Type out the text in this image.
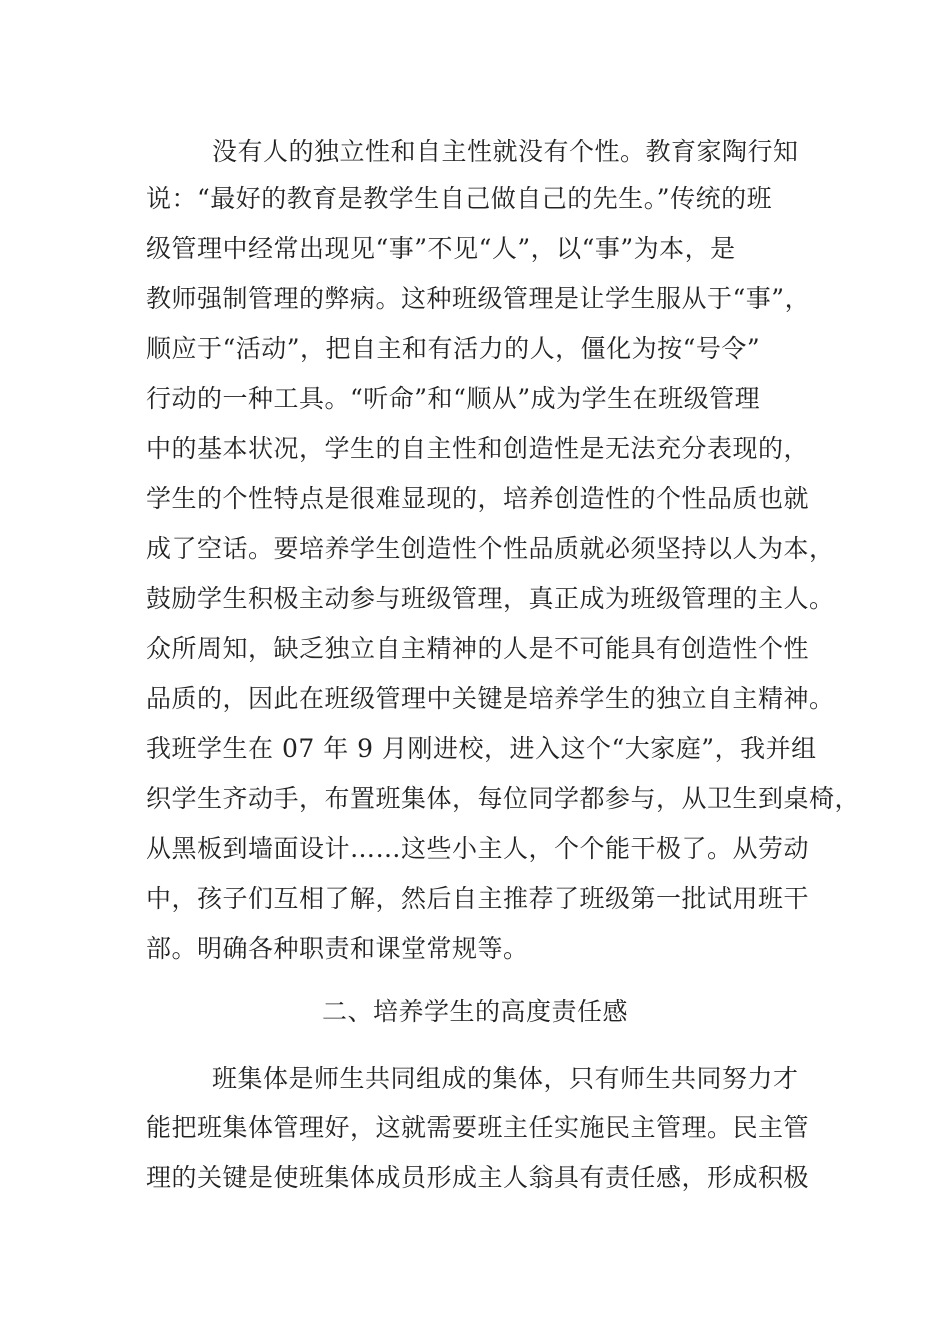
没有人的独立性和自主性就没有个性。教育家陶行知
说：“最好的教育是教学生自己做自己的先生。”传统的班
级管理中经常出现见“事”不见“人”，以“事”为本，是
教师强制管理的弊病。这种班级管理是让学生服从于“事”，
顺应于“活动”，把自主和有活力的人，僵化为按“号令”
行动的一种工具。“听命”和“顺从”成为学生在班级管理
中的基本状况，学生的自主性和创造性是无法充分表现的，
学生的个性特点是很难显现的，培养创造性的个性品质也就
成了空话。要培养学生创造性个性品质就必须坚持以人为本，
鼓励学生积极主动参与班级管理，真正成为班级管理的主人。
众所周知，缺乏独立自主精神的人是不可能具有创造性个性
品质的，因此在班级管理中关键是培养学生的独立自主精神。
我班学生在 07 年 9 月刚进校，进入这个“大家庭”，我并组
织学生齐动手，布置班集体，每位同学都参与，从卫生到桌椅，
从黑板到墙面设计……这些小主人，个个能干极了。从劳动
中，孩子们互相了解，然后自主推荐了班级第一批试用班干
部。明确各种职责和课堂常规等。
二、培养学生的高度责任感
班集体是师生共同组成的集体，只有师生共同努力才
能把班集体管理好，这就需要班主任实施民主管理。民主管
理的关键是使班集体成员形成主人翁具有责任感，形成积极
